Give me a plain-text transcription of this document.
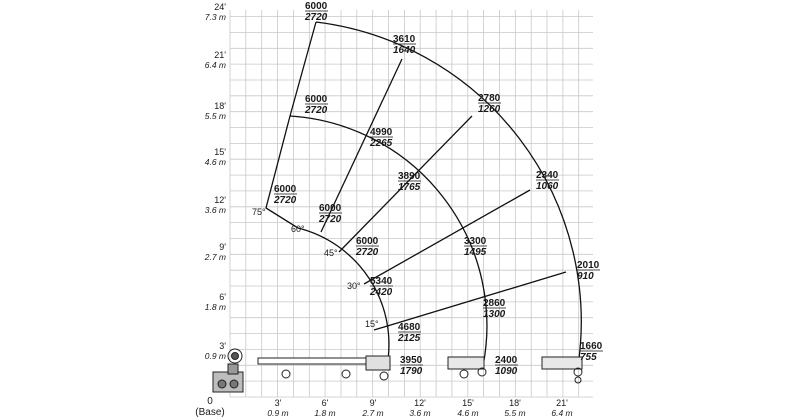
3'
0.9 m
6'
1.8 m
9'
2.7 m
12'
3.6 m
15'
4.6 m
18'
5.5 m
21'
6.4 m
3'
0.9 m
6'
1.8 m
9'
2.7 m
12'
3.6 m
15'
4.6 m
18'
5.5 m
21'
6.4 m
24'
7.3 m
0
(Base)
15°
30°
45°
60°
75°
6000
2720
3610
1640
2780
1260
2340
1060
2010
910
1660
755
6000
2720
4990
2265
3890
1765
3300
1495
2860
1300
2400
1090
6000
2720
6000
2720
6000
2720
5340
2420
4680
2125
3950
1790
